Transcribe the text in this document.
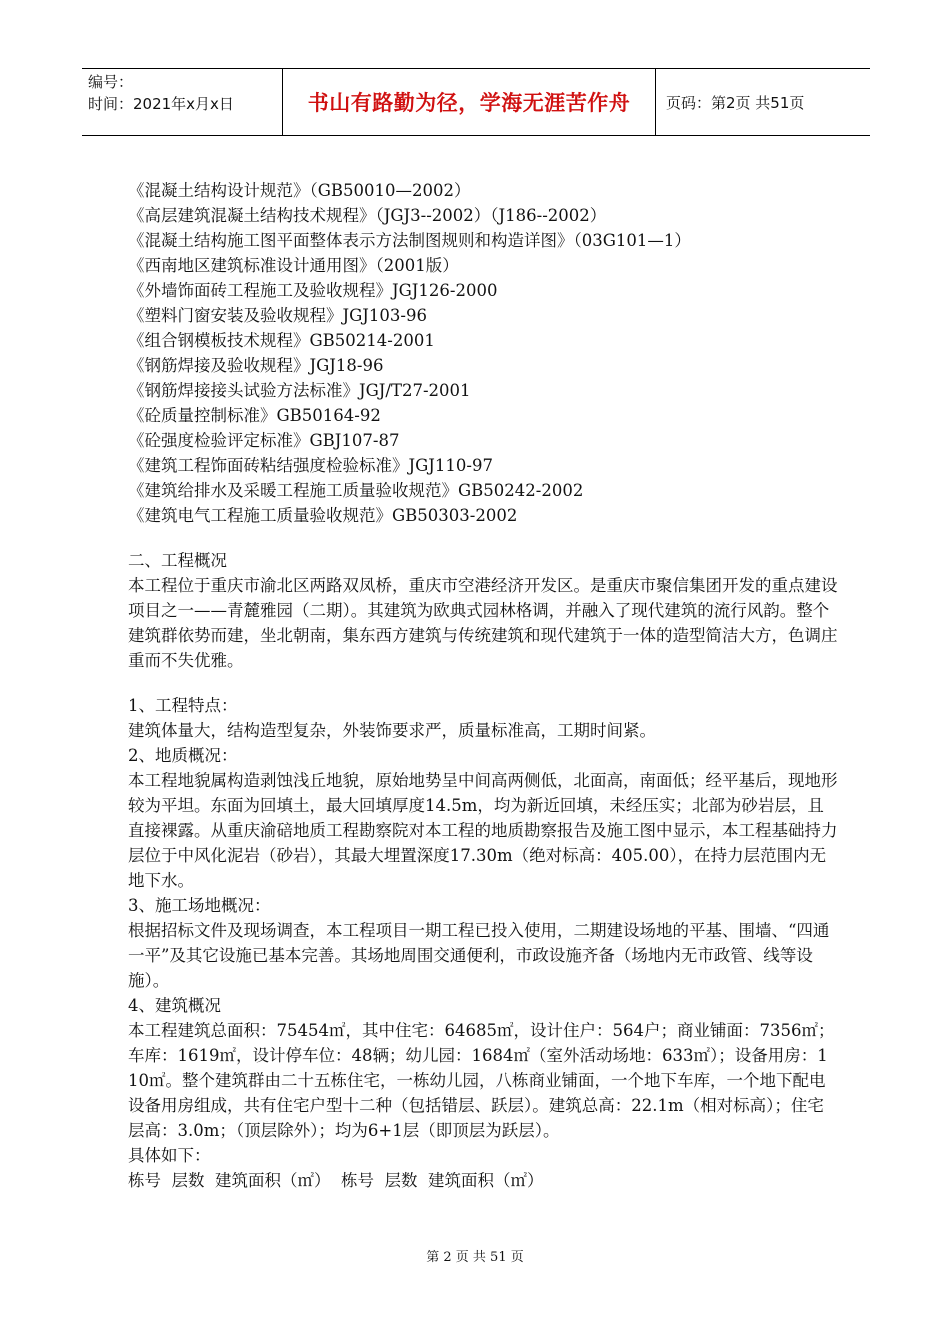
编号：
时间：2021年x月x日	书山有路勤为径，学海无涯苦作舟	页码：第2页 共51页
《混凝土结构设计规范》（GB50010—2002）
《高层建筑混凝土结构技术规程》（JGJ3--2002）（J186--2002）
《混凝土结构施工图平面整体表示方法制图规则和构造详图》（03G101—1）
《西南地区建筑标准设计通用图》（2001版）
《外墙饰面砖工程施工及验收规程》JGJ126-2000
《塑料门窗安装及验收规程》JGJ103-96
《组合钢模板技术规程》GB50214-2001
《钢筋焊接及验收规程》JGJ18-96
《钢筋焊接接头试验方法标准》JGJ/T27-2001
《砼质量控制标准》GB50164-92
《砼强度检验评定标准》GBJ107-87
《建筑工程饰面砖粘结强度检验标准》JGJ110-97
《建筑给排水及采暖工程施工质量验收规范》GB50242-2002
《建筑电气工程施工质量验收规范》GB50303-2002
二、工程概况

本工程位于重庆市渝北区两路双凤桥，重庆市空港经济开发区。是重庆市聚信集团开发的重点建设项目之一——青麓雅园（二期）。其建筑为欧典式园林格调，并融入了现代建筑的流行风韵。整个建筑群依势而建，坐北朝南，集东西方建筑与传统建筑和现代建筑于一体的造型简洁大方，色调庄重而不失优雅。

1、工程特点：

建筑体量大，结构造型复杂，外装饰要求严，质量标准高，工期时间紧。

2、地质概况：

本工程地貌属构造剥蚀浅丘地貌，原始地势呈中间高两侧低，北面高，南面低；经平基后，现地形较为平坦。东面为回填土，最大回填厚度14.5m，均为新近回填，未经压实；北部为砂岩层，且直接裸露。从重庆渝碚地质工程勘察院对本工程的地质勘察报告及施工图中显示，本工程基础持力层位于中风化泥岩（砂岩），其最大埋置深度17.30m（绝对标高：405.00），在持力层范围内无地下水。

3、施工场地概况：

根据招标文件及现场调查，本工程项目一期工程已投入使用，二期建设场地的平基、围墙、“四通一平”及其它设施已基本完善。其场地周围交通便利，市政设施齐备（场地内无市政管、线等设施）。

4、建筑概况

本工程建筑总面积：75454㎡，其中住宅：64685㎡，设计住户：564户；商业铺面：7356㎡；车库：1619㎡，设计停车位：48辆；幼儿园：1684㎡（室外活动场地：633㎡）；设备用房：110㎡。整个建筑群由二十五栋住宅，一栋幼儿园，八栋商业铺面，一个地下车库，一个地下配电设备用房组成，共有住宅户型十二种（包括错层、跃层）。建筑总高：22.1m（相对标高）；住宅层高：3.0m；（顶层除外）；均为6+1层（即顶层为跃层）。

具体如下：
栋号  层数  建筑面积（㎡）  栋号  层数  建筑面积（㎡）
第 2 页 共 51 页
